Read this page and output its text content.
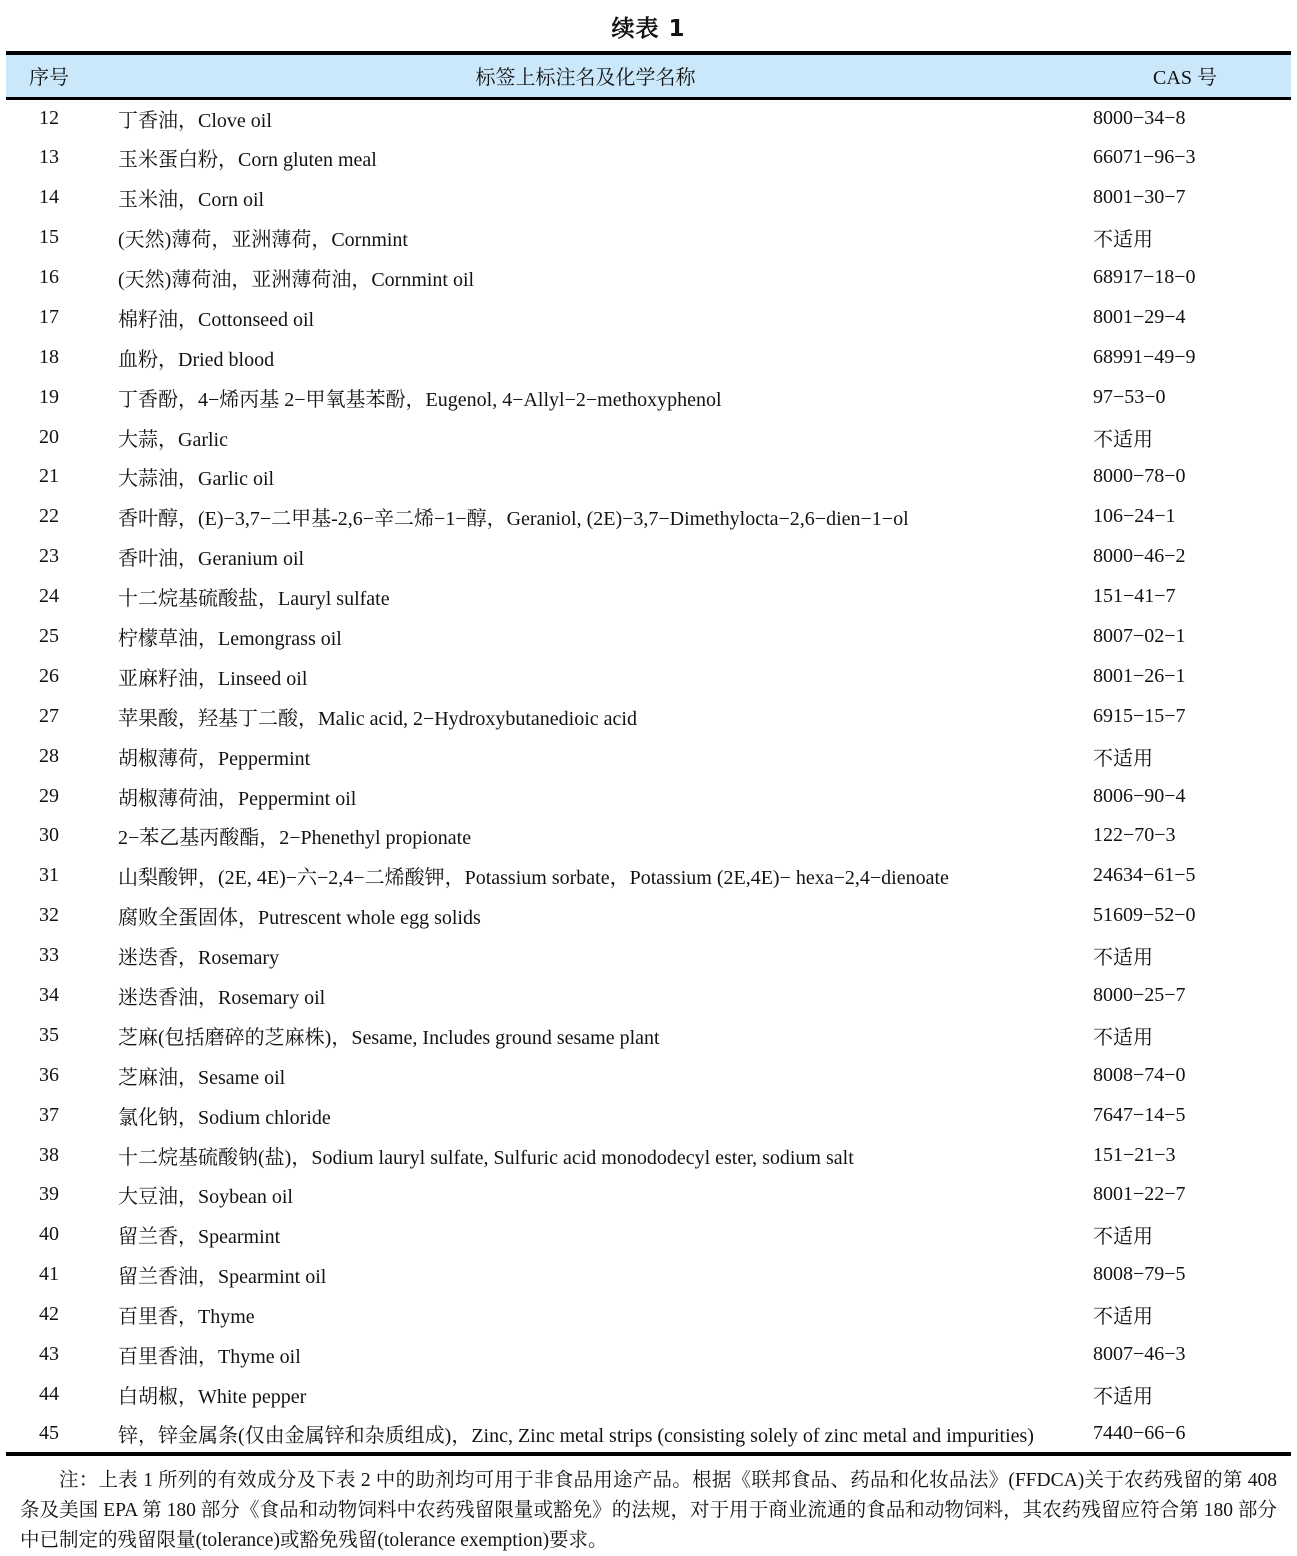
续表 1
序号	标签上标注名及化学名称	CAS 号
12	丁香油，Clove oil	8000−34−8
13	玉米蛋白粉，Corn gluten meal	66071−96−3
14	玉米油，Corn oil	8001−30−7
15	(天然)薄荷，亚洲薄荷，Cornmint	不适用
16	(天然)薄荷油，亚洲薄荷油，Cornmint oil	68917−18−0
17	棉籽油，Cottonseed oil	8001−29−4
18	血粉，Dried blood	68991−49−9
19	丁香酚，4−烯丙基 2−甲氧基苯酚，Eugenol, 4−Allyl−2−methoxyphenol	97−53−0
20	大蒜，Garlic	不适用
21	大蒜油，Garlic oil	8000−78−0
22	香叶醇，(E)−3,7−二甲基-2,6−辛二烯−1−醇，Geraniol, (2E)−3,7−Dimethylocta−2,6−dien−1−ol	106−24−1
23	香叶油，Geranium oil	8000−46−2
24	十二烷基硫酸盐，Lauryl sulfate	151−41−7
25	柠檬草油，Lemongrass oil	8007−02−1
26	亚麻籽油，Linseed oil	8001−26−1
27	苹果酸，羟基丁二酸，Malic acid, 2−Hydroxybutanedioic acid	6915−15−7
28	胡椒薄荷，Peppermint	不适用
29	胡椒薄荷油，Peppermint oil	8006−90−4
30	2−苯乙基丙酸酯，2−Phenethyl propionate	122−70−3
31	山梨酸钾，(2E, 4E)−六−2,4−二烯酸钾，Potassium sorbate，Potassium (2E,4E)− hexa−2,4−dienoate	24634−61−5
32	腐败全蛋固体，Putrescent whole egg solids	51609−52−0
33	迷迭香，Rosemary	不适用
34	迷迭香油，Rosemary oil	8000−25−7
35	芝麻(包括磨碎的芝麻株)，Sesame, Includes ground sesame plant	不适用
36	芝麻油，Sesame oil	8008−74−0
37	氯化钠，Sodium chloride	7647−14−5
38	十二烷基硫酸钠(盐)，Sodium lauryl sulfate, Sulfuric acid monododecyl ester, sodium salt	151−21−3
39	大豆油，Soybean oil	8001−22−7
40	留兰香，Spearmint	不适用
41	留兰香油，Spearmint oil	8008−79−5
42	百里香，Thyme	不适用
43	百里香油，Thyme oil	8007−46−3
44	白胡椒，White pepper	不适用
45	锌，锌金属条(仅由金属锌和杂质组成)，Zinc, Zinc metal strips (consisting solely of zinc metal and impurities)	7440−66−6

注：上表 1 所列的有效成分及下表 2 中的助剂均可用于非食品用途产品。根据《联邦食品、药品和化妆品法》(FFDCA)关于农药残留的第 408 条及美国 EPA 第 180 部分《食品和动物饲料中农药残留限量或豁免》的法规，对于用于商业流通的食品和动物饲料，其农药残留应符合第 180 部分中已制定的残留限量(tolerance)或豁免残留(tolerance exemption)要求。
